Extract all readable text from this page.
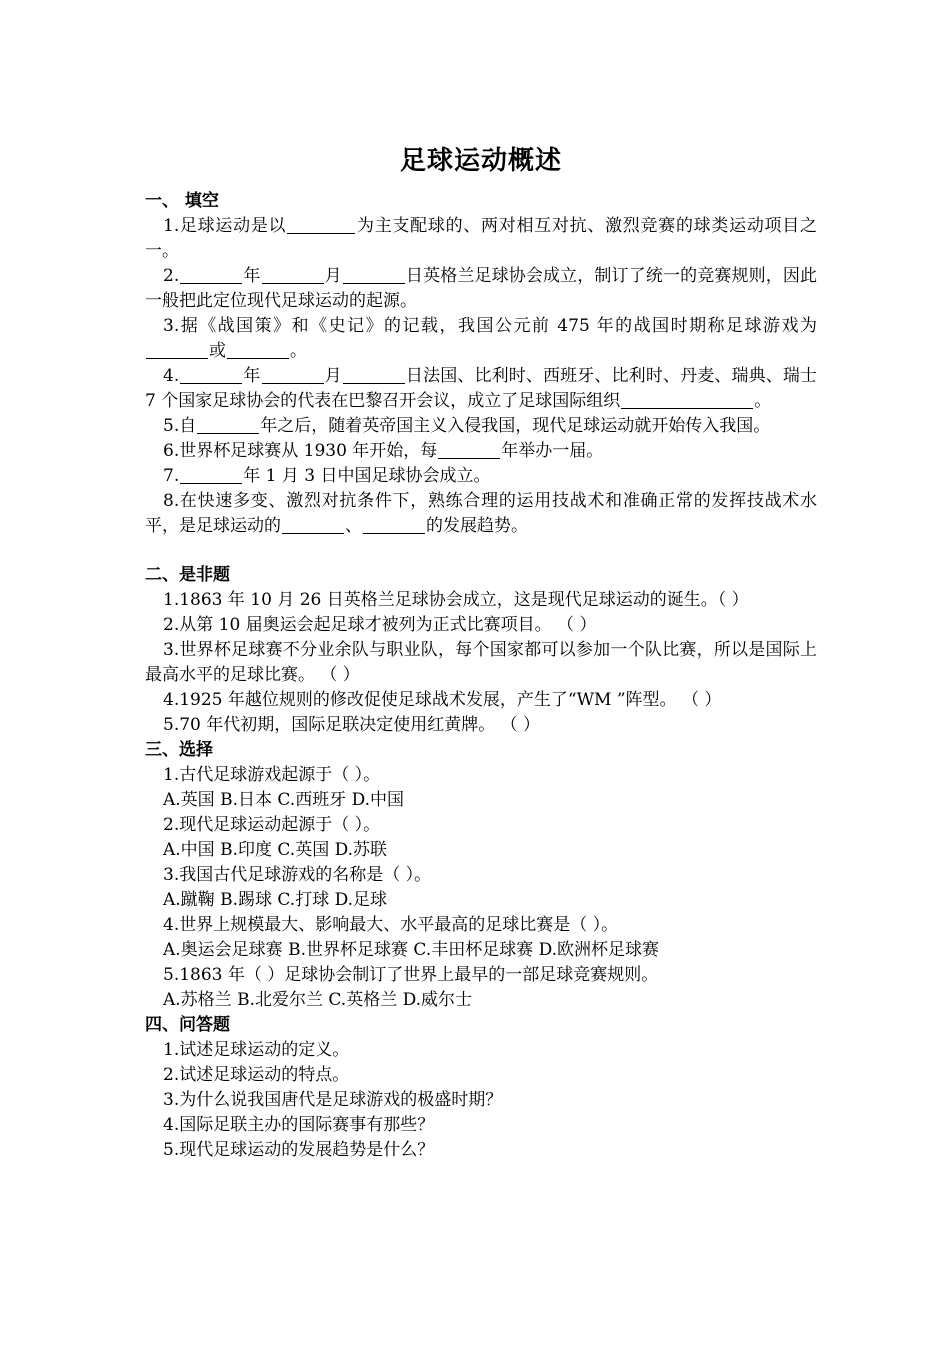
足球运动概述

一、 填空

1.足球运动是以	为主支配球的、两对相互对抗、激烈竞赛的球类运动项目之一。

2.	年	月	日英格兰足球协会成立，制订了统一的竞赛规则，因此一般把此定位现代足球运动的起源。

3.据《战国策》和《史记》的记载，我国公元前 475 年的战国时期称足球游戏为或	。

4.	年	月	日法国、比利时、西班牙、比利时、丹麦、瑞典、瑞士 7 个国家足球协会的代表在巴黎召开会议，成立了足球国际组织	。

5.自	年之后，随着英帝国主义入侵我国，现代足球运动就开始传入我国。

6.世界杯足球赛从 1930 年开始，每	年举办一届。

7.	年 1 月 3 日中国足球协会成立。

8.在快速多变、激烈对抗条件下，熟练合理的运用技战术和准确正常的发挥技战术水平，是足球运动的	、	的发展趋势。

二、是非题

1.1863 年 10 月 26 日英格兰足球协会成立，这是现代足球运动的诞生。（ ）

2.从第 10 届奥运会起足球才被列为正式比赛项目。 （ ）

3.世界杯足球赛不分业余队与职业队，每个国家都可以参加一个队比赛，所以是国际上最高水平的足球比赛。 （ ）

4.1925 年越位规则的修改促使足球战术发展，产生了“WM ”阵型。 （ ）

5.70 年代初期，国际足联决定使用红黄牌。 （ ）

三、选择

1.古代足球游戏起源于（ ）。

A.英国 B.日本 C.西班牙 D.中国

2.现代足球运动起源于（ ）。

A.中国 B.印度 C.英国 D.苏联

3.我国古代足球游戏的名称是（ ）。

A.蹴鞠 B.踢球 C.打球 D.足球

4.世界上规模最大、影响最大、水平最高的足球比赛是（ ）。

A.奥运会足球赛 B.世界杯足球赛 C.丰田杯足球赛 D.欧洲杯足球赛

5.1863 年（ ）足球协会制订了世界上最早的一部足球竞赛规则。

A.苏格兰 B.北爱尔兰 C.英格兰 D.威尔士

四、问答题

1.试述足球运动的定义。

2.试述足球运动的特点。

3.为什么说我国唐代是足球游戏的极盛时期？

4.国际足联主办的国际赛事有那些？

5.现代足球运动的发展趋势是什么？
